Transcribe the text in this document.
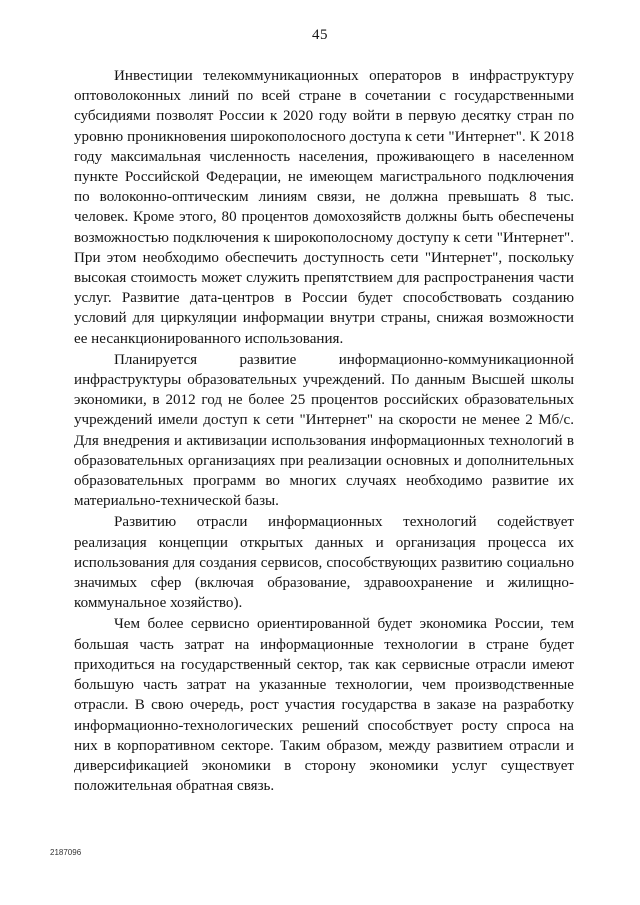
45

Инвестиции телекоммуникационных операторов в инфраструктуру оптоволоконных линий по всей стране в сочетании с государственными субсидиями позволят России к 2020 году войти в первую десятку стран по уровню проникновения широкополосного доступа к сети "Интернет". К 2018 году максимальная численность населения, проживающего в населенном пункте Российской Федерации, не имеющем магистрального подключения по волоконно-оптическим линиям связи, не должна превышать 8 тыс. человек. Кроме этого, 80 процентов домохозяйств должны быть обеспечены возможностью подключения к широкополосному доступу к сети "Интернет". При этом необходимо обеспечить доступность сети "Интернет", поскольку высокая стоимость может служить препятствием для распространения части услуг. Развитие дата-центров в России будет способствовать созданию условий для циркуляции информации внутри страны, снижая возможности ее несанкционированного использования.

Планируется развитие информационно-коммуникационной инфраструктуры образовательных учреждений. По данным Высшей школы экономики, в 2012 год не более 25 процентов российских образовательных учреждений имели доступ к сети "Интернет" на скорости не менее 2 Мб/с. Для внедрения и активизации использования информационных технологий в образовательных организациях при реализации основных и дополнительных образовательных программ во многих случаях необходимо развитие их материально-технической базы.

Развитию отрасли информационных технологий содействует реализация концепции открытых данных и организация процесса их использования для создания сервисов, способствующих развитию социально значимых сфер (включая образование, здравоохранение и жилищно-коммунальное хозяйство).

Чем более сервисно ориентированной будет экономика России, тем большая часть затрат на информационные технологии в стране будет приходиться на государственный сектор, так как сервисные отрасли имеют большую часть затрат на указанные технологии, чем производственные отрасли. В свою очередь, рост участия государства в заказе на разработку информационно-технологических решений способствует росту спроса на них в корпоративном секторе. Таким образом, между развитием отрасли и диверсификацией экономики в сторону экономики услуг существует положительная обратная связь.

2187096
